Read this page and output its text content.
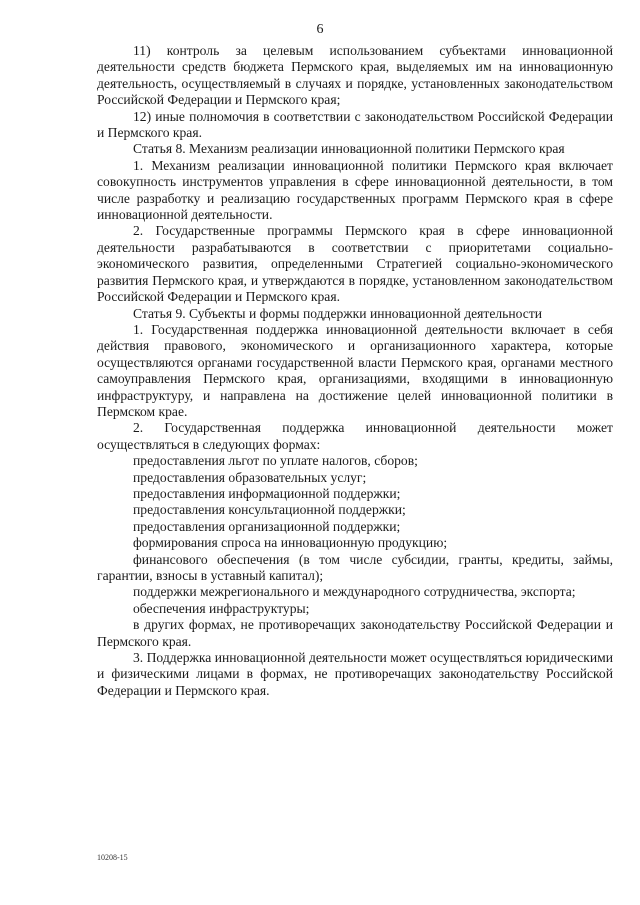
6

11) контроль за целевым использованием субъектами инновационной деятельности средств бюджета Пермского края, выделяемых им на инновационную деятельность, осуществляемый в случаях и порядке, установленных законодательством Российской Федерации и Пермского края;

12) иные полномочия в соответствии с законодательством Российской Федерации и Пермского края.

Статья 8. Механизм реализации инновационной политики Пермского края

1. Механизм реализации инновационной политики Пермского края включает совокупность инструментов управления в сфере инновационной деятельности, в том числе разработку и реализацию государственных программ Пермского края в сфере инновационной деятельности.

2. Государственные программы Пермского края в сфере инновационной деятельности разрабатываются в соответствии с приоритетами социально-экономического развития, определенными Стратегией социально-экономического развития Пермского края, и утверждаются в порядке, установленном законодательством Российской Федерации и Пермского края.

Статья 9. Субъекты и формы поддержки инновационной деятельности

1. Государственная поддержка инновационной деятельности включает в себя действия правового, экономического и организационного характера, которые осуществляются органами государственной власти Пермского края, органами местного самоуправления Пермского края, организациями, входящими в инновационную инфраструктуру, и направлена на достижение целей инновационной политики в Пермском крае.

2. Государственная поддержка инновационной деятельности может осуществляться в следующих формах:

предоставления льгот по уплате налогов, сборов;

предоставления образовательных услуг;

предоставления информационной поддержки;

предоставления консультационной поддержки;

предоставления организационной поддержки;

формирования спроса на инновационную продукцию;

финансового обеспечения (в том числе субсидии, гранты, кредиты, займы, гарантии, взносы в уставный капитал);

поддержки межрегионального и международного сотрудничества, экспорта;

обеспечения инфраструктуры;

в других формах, не противоречащих законодательству Российской Федерации и Пермского края.

3. Поддержка инновационной деятельности может осуществляться юридическими и физическими лицами в формах, не противоречащих законодательству Российской Федерации и Пермского края.

10208-15
